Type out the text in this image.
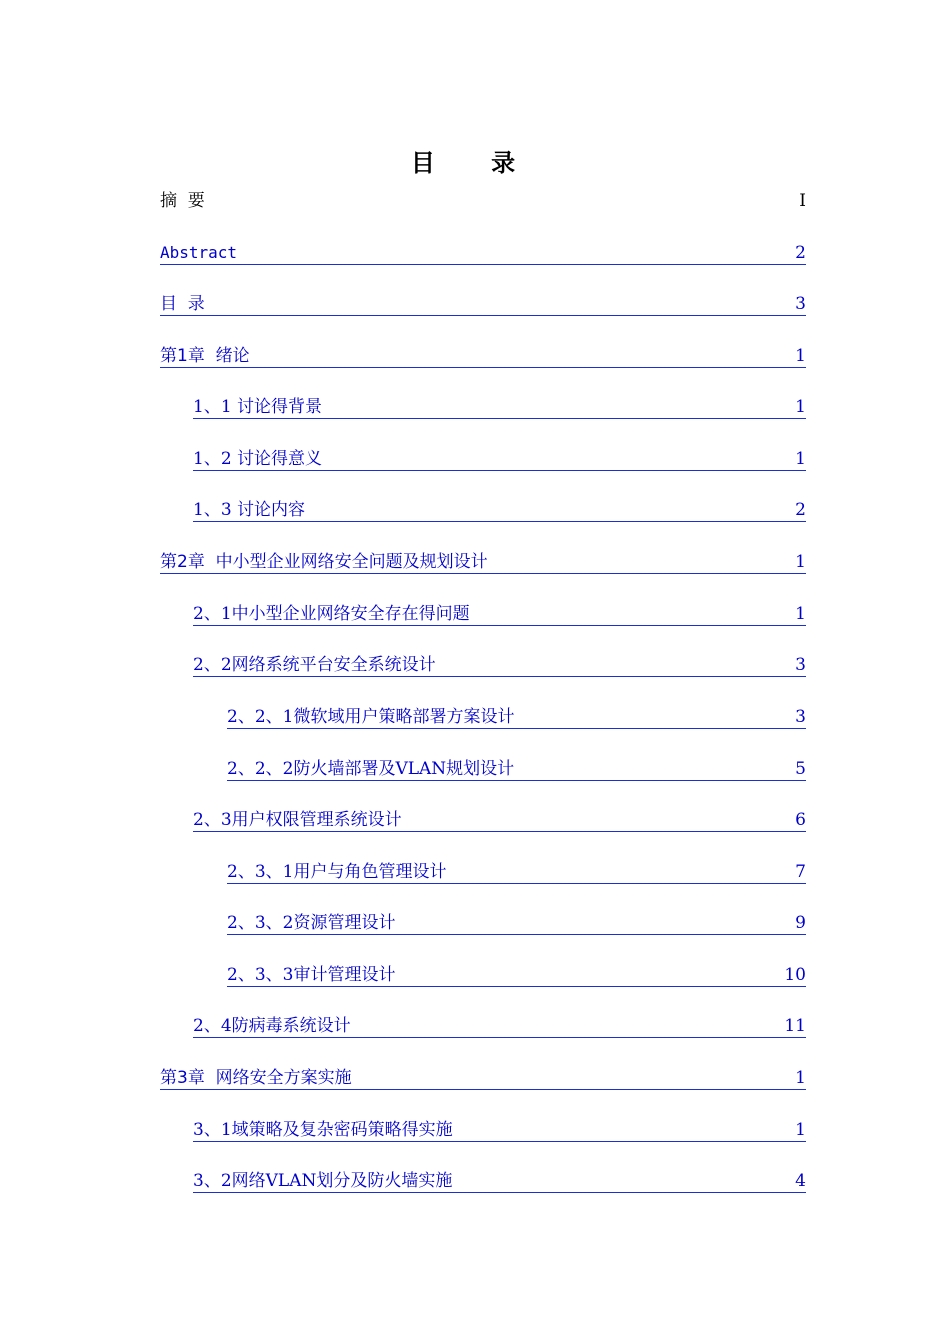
目 录
摘  要	I
Abstract	2
目  录	3
第1章  绪论	1
1、1 讨论得背景	1
1、2 讨论得意义	1
1、3 讨论内容	2
第2章  中小型企业网络安全问题及规划设计	1
2、1中小型企业网络安全存在得问题	1
2、2网络系统平台安全系统设计	3
2、2、1微软域用户策略部署方案设计	3
2、2、2防火墙部署及VLAN规划设计	5
2、3用户权限管理系统设计	6
2、3、1用户与角色管理设计	7
2、3、2资源管理设计	9
2、3、3审计管理设计	10
2、4防病毒系统设计	11
第3章  网络安全方案实施	1
3、1域策略及复杂密码策略得实施	1
3、2网络VLAN划分及防火墙实施	4
